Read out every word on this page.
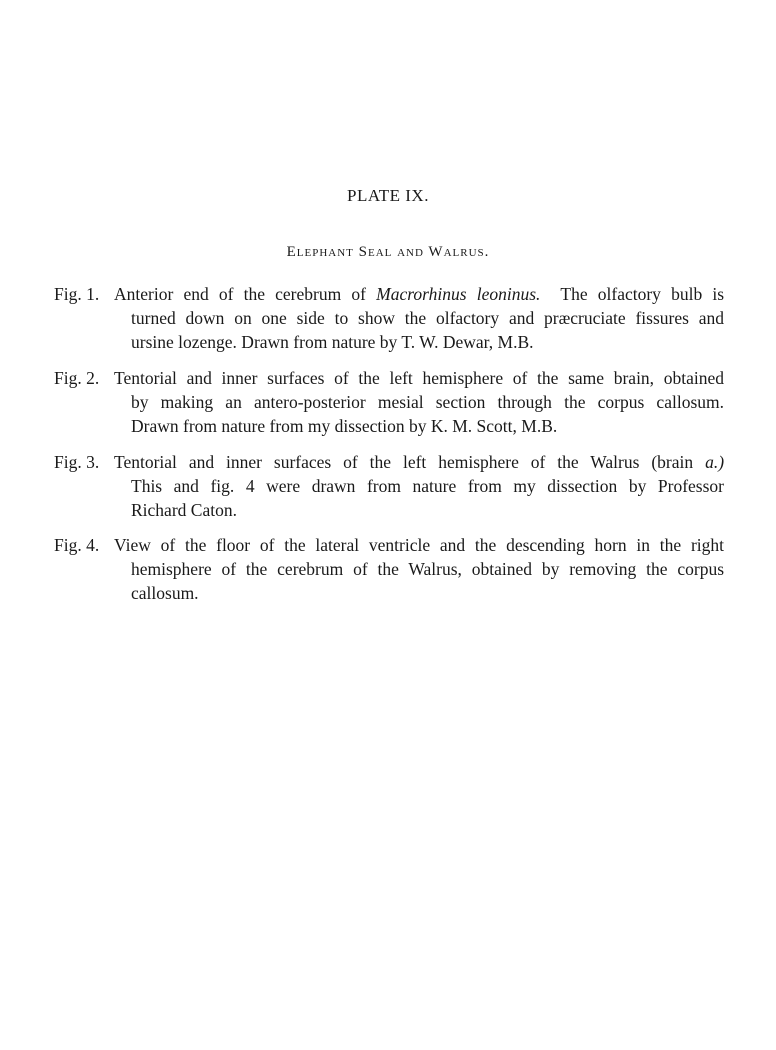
PLATE IX.
Elephant Seal and Walrus.
Fig. 1. Anterior end of the cerebrum of Macrorhinus leoninus. The olfactory bulb is
turned down on one side to show the olfactory and præcruciate fissures and
ursine lozenge. Drawn from nature by T. W. Dewar, M.B.
Fig. 2. Tentorial and inner surfaces of the left hemisphere of the same brain, obtained
by making an antero-posterior mesial section through the corpus callosum.
Drawn from nature from my dissection by K. M. Scott, M.B.
Fig. 3. Tentorial and inner surfaces of the left hemisphere of the Walrus (brain a.)
This and fig. 4 were drawn from nature from my dissection by Professor
Richard Caton.
Fig. 4. View of the floor of the lateral ventricle and the descending horn in the right
hemisphere of the cerebrum of the Walrus, obtained by removing the corpus
callosum.
